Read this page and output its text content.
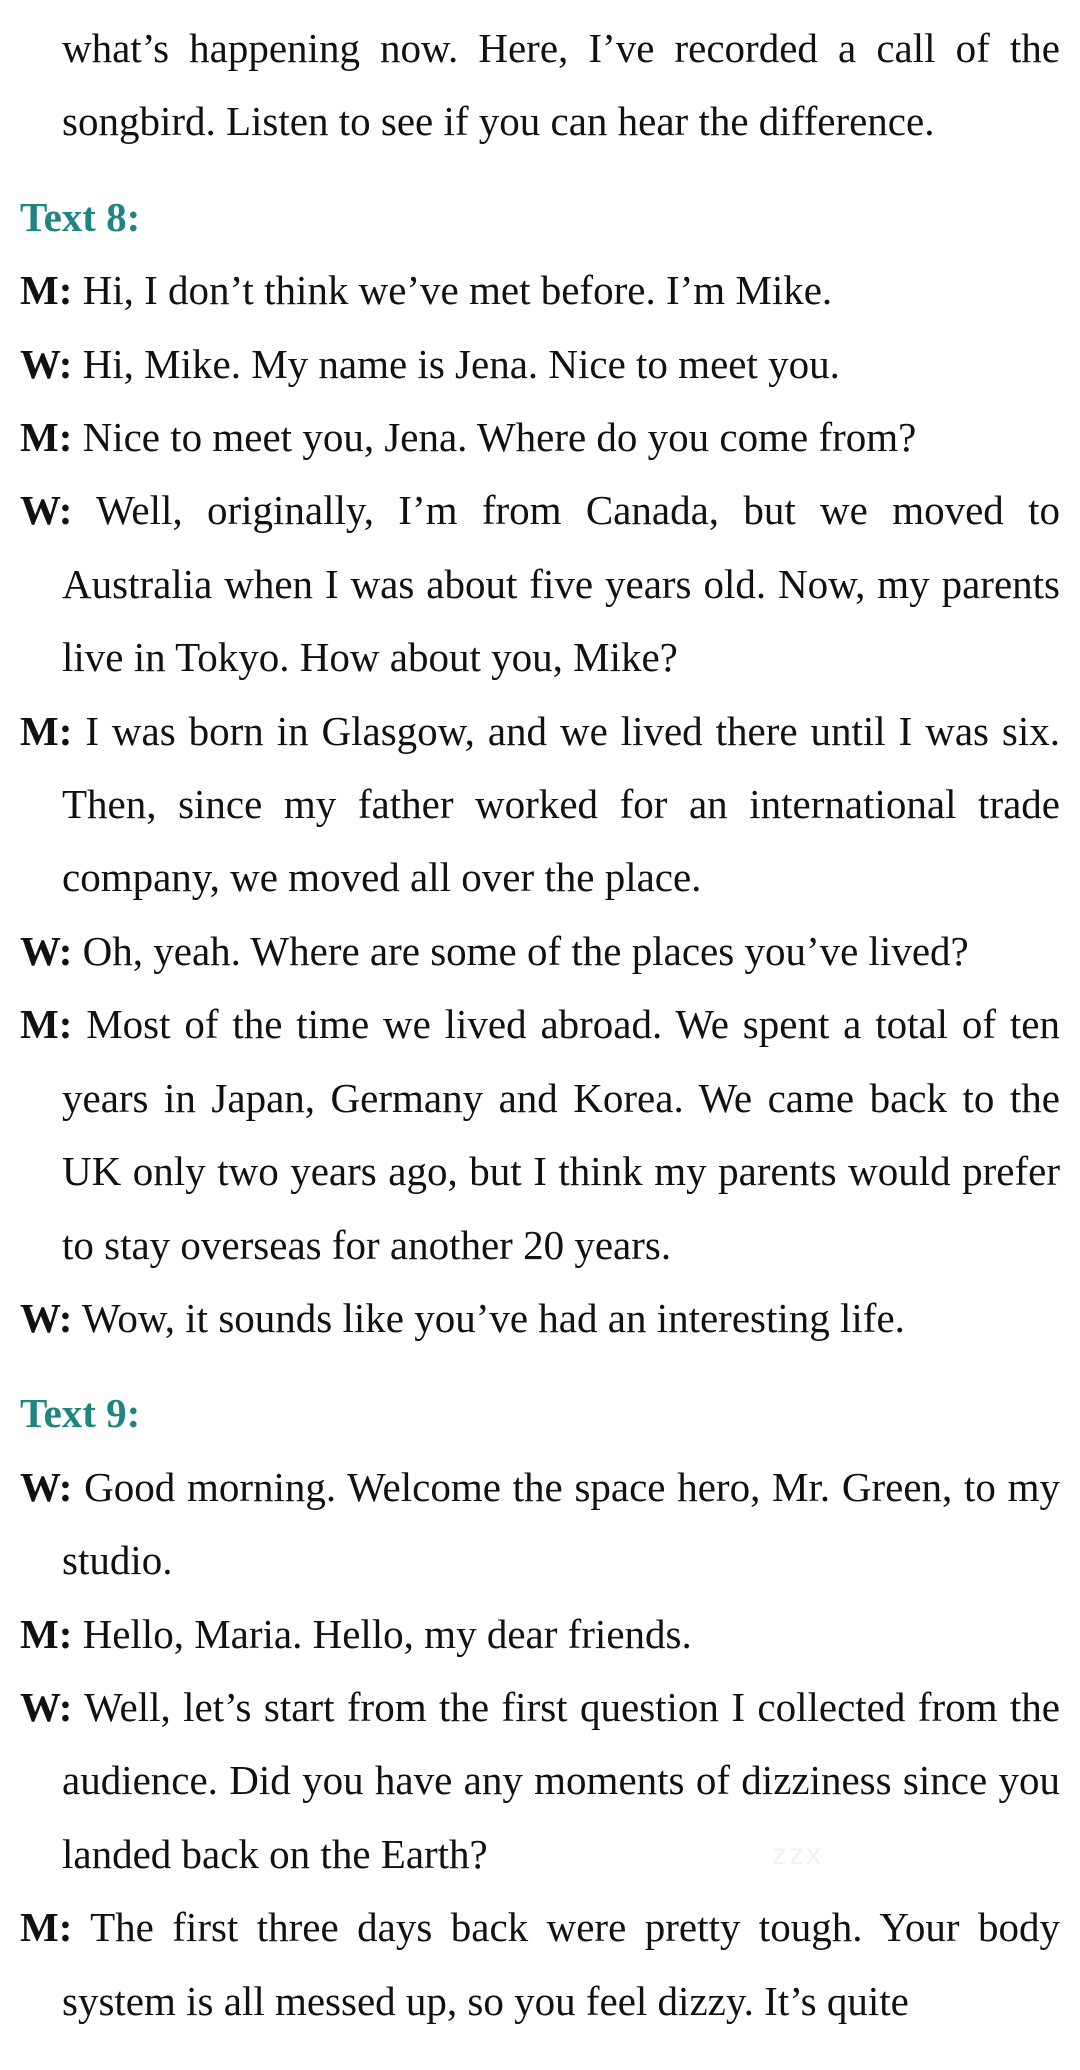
what’s happening now. Here, I’ve recorded a call of the songbird. Listen to see if you can hear the difference.

Text 8:

M: Hi, I don’t think we’ve met before. I’m Mike.

W: Hi, Mike. My name is Jena. Nice to meet you.

M: Nice to meet you, Jena. Where do you come from?

W: Well, originally, I’m from Canada, but we moved to Australia when I was about five years old. Now, my parents live in Tokyo. How about you, Mike?

M: I was born in Glasgow, and we lived there until I was six. Then, since my father worked for an international trade company, we moved all over the place.

W: Oh, yeah. Where are some of the places you’ve lived?

M: Most of the time we lived abroad. We spent a total of ten years in Japan, Germany and Korea. We came back to the UK only two years ago, but I think my parents would prefer to stay overseas for another 20 years.

W: Wow, it sounds like you’ve had an interesting life.

Text 9:

W: Good morning. Welcome the space hero, Mr. Green, to my studio.

M: Hello, Maria. Hello, my dear friends.

W: Well, let’s start from the first question I collected from the audience. Did you have any moments of dizziness since you landed back on the Earth?

M: The first three days back were pretty tough. Your body system is all messed up, so you feel dizzy. It’s quite

zzx
